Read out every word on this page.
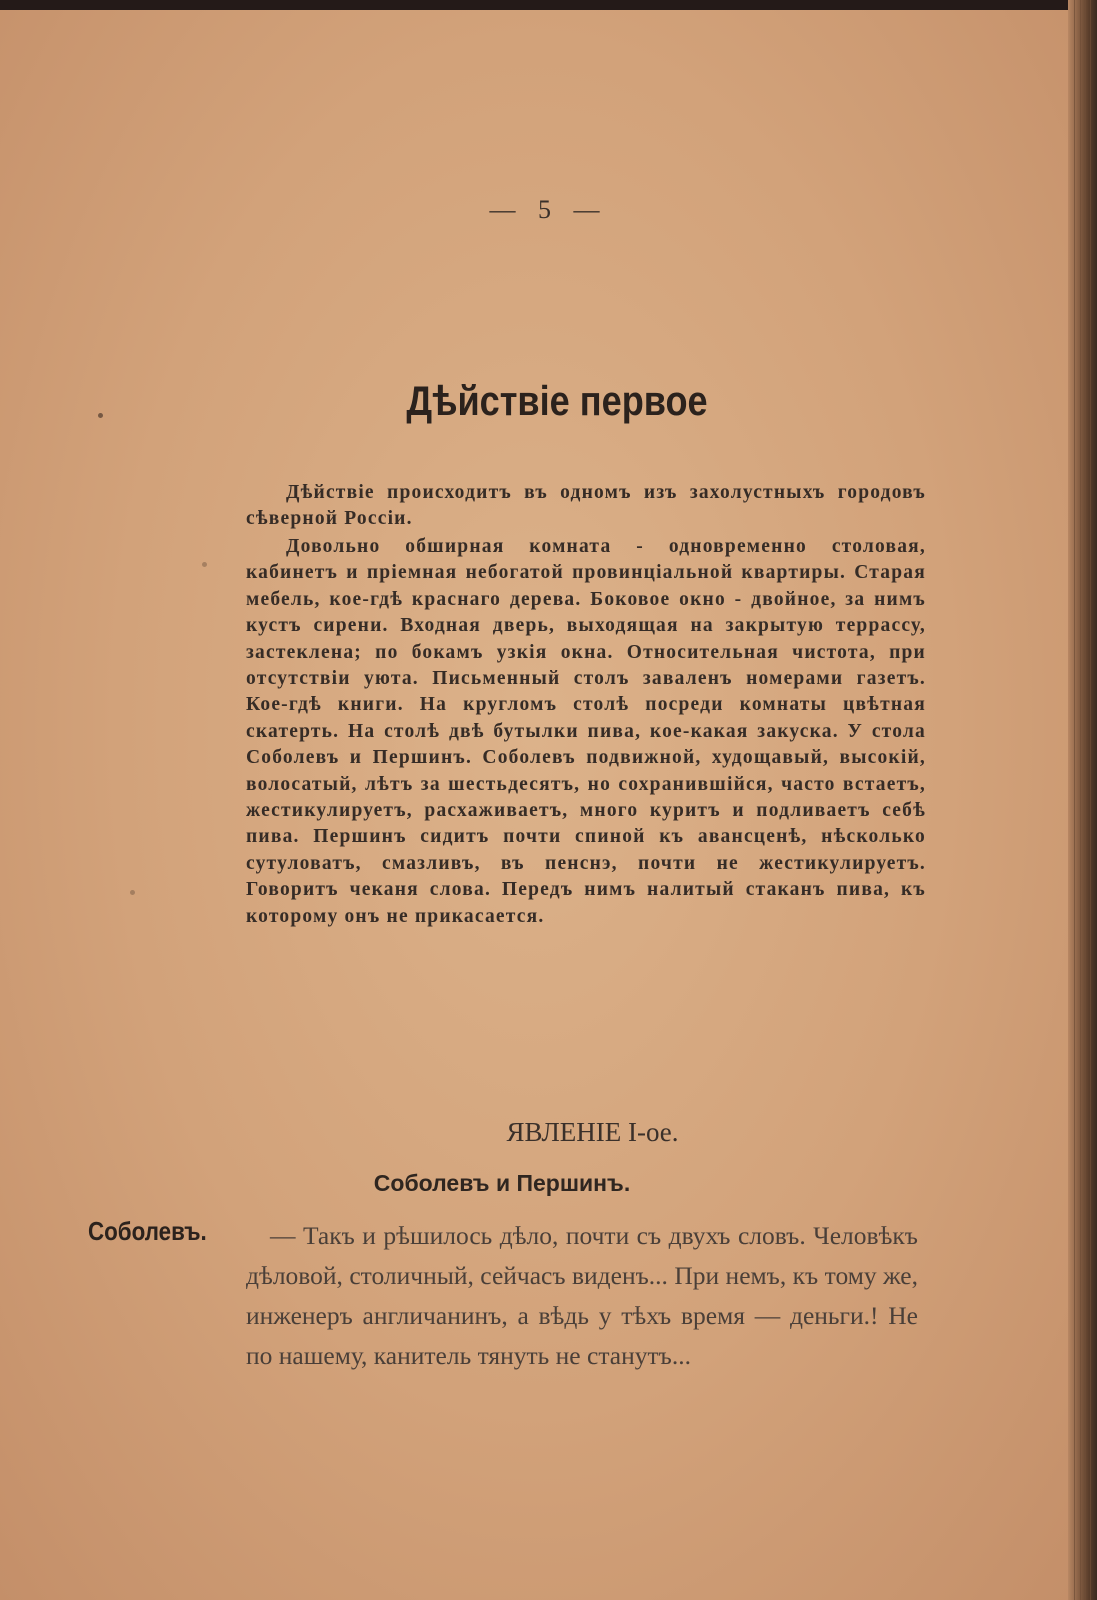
— 5 —
Дѣйствіе первое

Дѣйствіе происходитъ въ одномъ изъ захолустныхъ городовъ сѣверной Россіи.

Довольно обширная комната - одновременно столовая, кабинетъ и пріемная небогатой провинціальной квартиры. Старая мебель, кое-гдѣ краснаго дерева. Боковое окно - двойное, за нимъ кустъ сирени. Входная дверь, выходящая на закрытую террассу, застеклена; по бокамъ узкія окна. Относительная чистота, при отсутствіи уюта. Письменный столъ заваленъ номерами газетъ. Кое-гдѣ книги. На кругломъ столѣ посреди комнаты цвѣтная скатерть. На столѣ двѣ бутылки пива, кое-какая закуска. У стола Соболевъ и Першинъ. Соболевъ подвижной, худощавый, высокій, волосатый, лѣтъ за шестьдесятъ, но сохранившійся, часто встаетъ, жестикулируетъ, расхаживаетъ, много куритъ и подливаетъ себѣ пива. Першинъ сидитъ почти спиной къ авансценѣ, нѣсколько сутуловатъ, смазливъ, въ пенснэ, почти не жестикулируетъ. Говоритъ чеканя слова. Передъ нимъ налитый стаканъ пива, къ которому онъ не прикасается.

ЯВЛЕНІЕ I-ое.
Соболевъ и Першинъ.
Соболевъ.	— Такъ и рѣшилось дѣло, почти съ двухъ словъ. Человѣкъ дѣловой, столичный, сейчасъ виденъ... При немъ, къ тому же, инженеръ англичанинъ, а вѣдь у тѣхъ время — деньги.! Не по нашему, канитель тянуть не станутъ...
